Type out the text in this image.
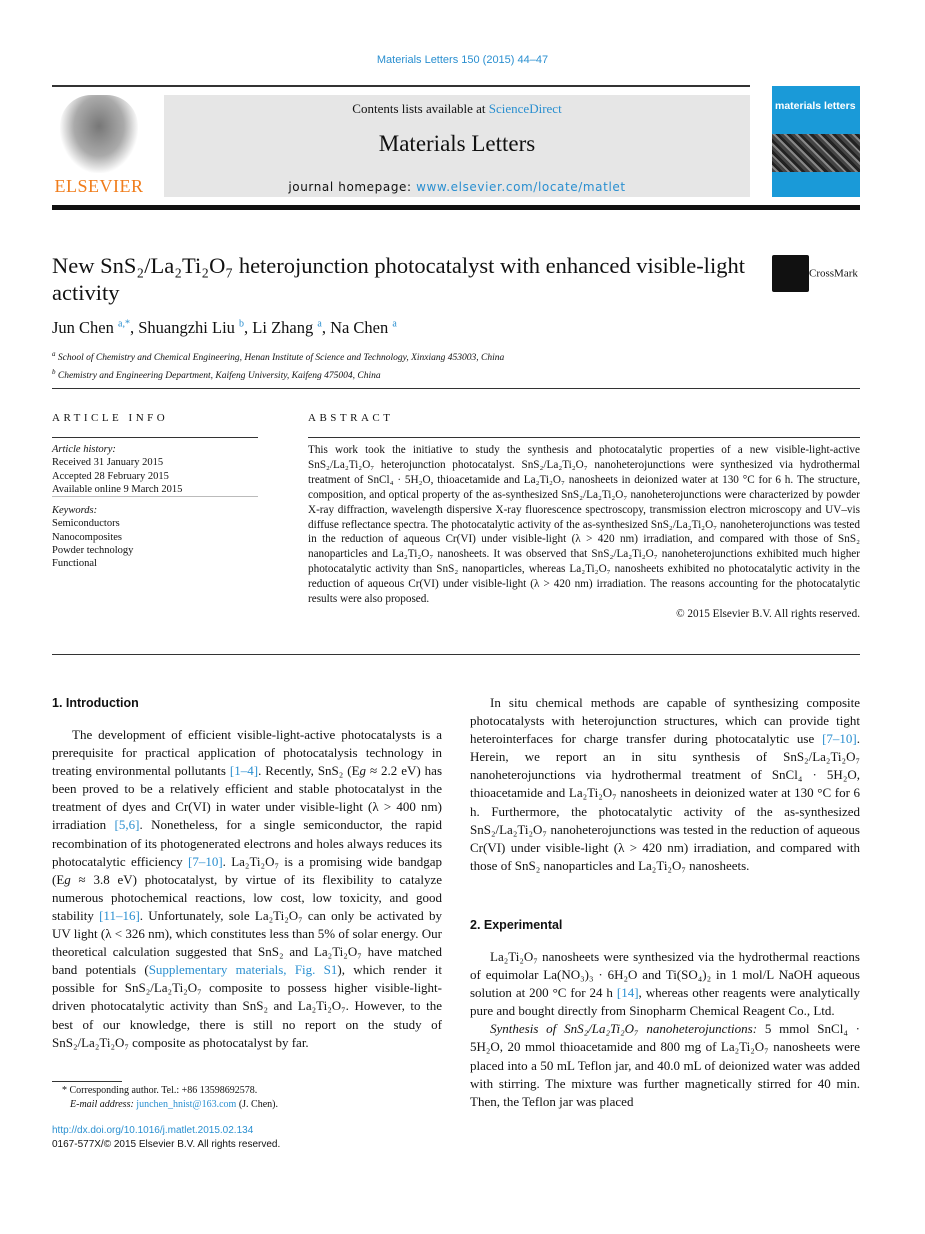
Materials Letters 150 (2015) 44–47
ELSEVIER
Contents lists available at ScienceDirect
Materials Letters
journal homepage: www.elsevier.com/locate/matlet
materials letters
New SnS₂/La₂Ti₂O₇ heterojunction photocatalyst with enhanced visible-light activity
CrossMark
Jun Chen $^{a,*}$, Shuangzhi Liu $^b$, Li Zhang $^a$, Na Chen $^a$
$^a$ School of Chemistry and Chemical Engineering, Henan Institute of Science and Technology, Xinxiang 453003, China
$^b$ Chemistry and Engineering Department, Kaifeng University, Kaifeng 475004, China
ARTICLE INFO	ABSTRACT
Article history:
Received 31 January 2015
Accepted 28 February 2015
Available online 9 March 2015
Keywords:
Semiconductors
Nanocomposites
Powder technology
Functional
This work took the initiative to study the synthesis and photocatalytic properties of a new visible-light-active SnS₂/La₂Ti₂O₇ heterojunction photocatalyst. SnS₂/La₂Ti₂O₇ nanoheterojunctions were synthesized via hydrothermal treatment of SnCl₄ · 5H₂O, thioacetamide and La₂Ti₂O₇ nanosheets in deionized water at 130 °C for 6 h. The structure, composition, and optical property of the as-synthesized SnS₂/La₂Ti₂O₇ nanoheterojunctions were characterized by powder X-ray diffraction, wavelength dispersive X-ray fluorescence spectroscopy, transmission electron microscopy and UV–vis diffuse reflectance spectra. The photocatalytic activity of the as-synthesized SnS₂/La₂Ti₂O₇ nanoheterojunctions was tested in the reduction of aqueous Cr(VI) under visible-light (λ > 420 nm) irradiation, and compared with those of SnS₂ nanoparticles and La₂Ti₂O₇ nanosheets. It was observed that SnS₂/La₂Ti₂O₇ nanoheterojunctions exhibited much higher photocatalytic activity than SnS₂ nanoparticles, whereas La₂Ti₂O₇ nanosheets exhibited no photocatalytic activity in the reduction of aqueous Cr(VI) under visible-light (λ > 420 nm) irradiation. The reasons accounting for the photocatalytic results were also proposed.
© 2015 Elsevier B.V. All rights reserved.
1. Introduction

The development of efficient visible-light-active photocatalysts is a prerequisite for practical application of photocatalysis technology in treating environmental pollutants [1–4]. Recently, SnS₂ (Eg ≈ 2.2 eV) has been proved to be a relatively efficient and stable photocatalyst in the treatment of dyes and Cr(VI) in water under visible-light (λ > 400 nm) irradiation [5,6]. Nonetheless, for a single semiconductor, the rapid recombination of its photogenerated electrons and holes always reduces its photocatalytic efficiency [7–10]. La₂Ti₂O₇ is a promising wide bandgap (Eg ≈ 3.8 eV) photocatalyst, by virtue of its flexibility to catalyze numerous photochemical reactions, low cost, low toxicity, and good stability [11–16]. Unfortunately, sole La₂Ti₂O₇ can only be activated by UV light (λ < 326 nm), which constitutes less than 5% of solar energy. Our theoretical calculation suggested that SnS₂ and La₂Ti₂O₇ have matched band potentials (Supplementary materials, Fig. S1), which render it possible for SnS₂/La₂Ti₂O₇ composite to possess higher visible-light-driven photocatalytic activity than SnS₂ and La₂Ti₂O₇. However, to the best of our knowledge, there is still no report on the study of SnS₂/La₂Ti₂O₇ composite as photocatalyst by far.

In situ chemical methods are capable of synthesizing composite photocatalysts with heterojunction structures, which can provide tight heterointerfaces for charge transfer during photocatalytic use [7–10]. Herein, we report an in situ synthesis of SnS₂/La₂Ti₂O₇ nanoheterojunctions via hydrothermal treatment of SnCl₄ · 5H₂O, thioacetamide and La₂Ti₂O₇ nanosheets in deionized water at 130 °C for 6 h. Furthermore, the photocatalytic activity of the as-synthesized SnS₂/La₂Ti₂O₇ nanoheterojunctions was tested in the reduction of aqueous Cr(VI) under visible-light (λ > 420 nm) irradiation, and compared with those of SnS₂ nanoparticles and La₂Ti₂O₇ nanosheets.

2. Experimental

La₂Ti₂O₇ nanosheets were synthesized via the hydrothermal reactions of equimolar La(NO₃)₃ · 6H₂O and Ti(SO₄)₂ in 1 mol/L NaOH aqueous solution at 200 °C for 24 h [14], whereas other reagents were analytically pure and bought directly from Sinopharm Chemical Reagent Co., Ltd.

Synthesis of SnS₂/La₂Ti₂O₇ nanoheterojunctions: 5 mmol SnCl₄ · 5H₂O, 20 mmol thioacetamide and 800 mg of La₂Ti₂O₇ nanosheets were placed into a 50 mL Teflon jar, and 40.0 mL of deionized water was added with stirring. The mixture was further magnetically stirred for 40 min. Then, the Teflon jar was placed

* Corresponding author. Tel.: +86 13598692578.
E-mail address: junchen_hnist@163.com (J. Chen).
http://dx.doi.org/10.1016/j.matlet.2015.02.134
0167-577X/© 2015 Elsevier B.V. All rights reserved.
